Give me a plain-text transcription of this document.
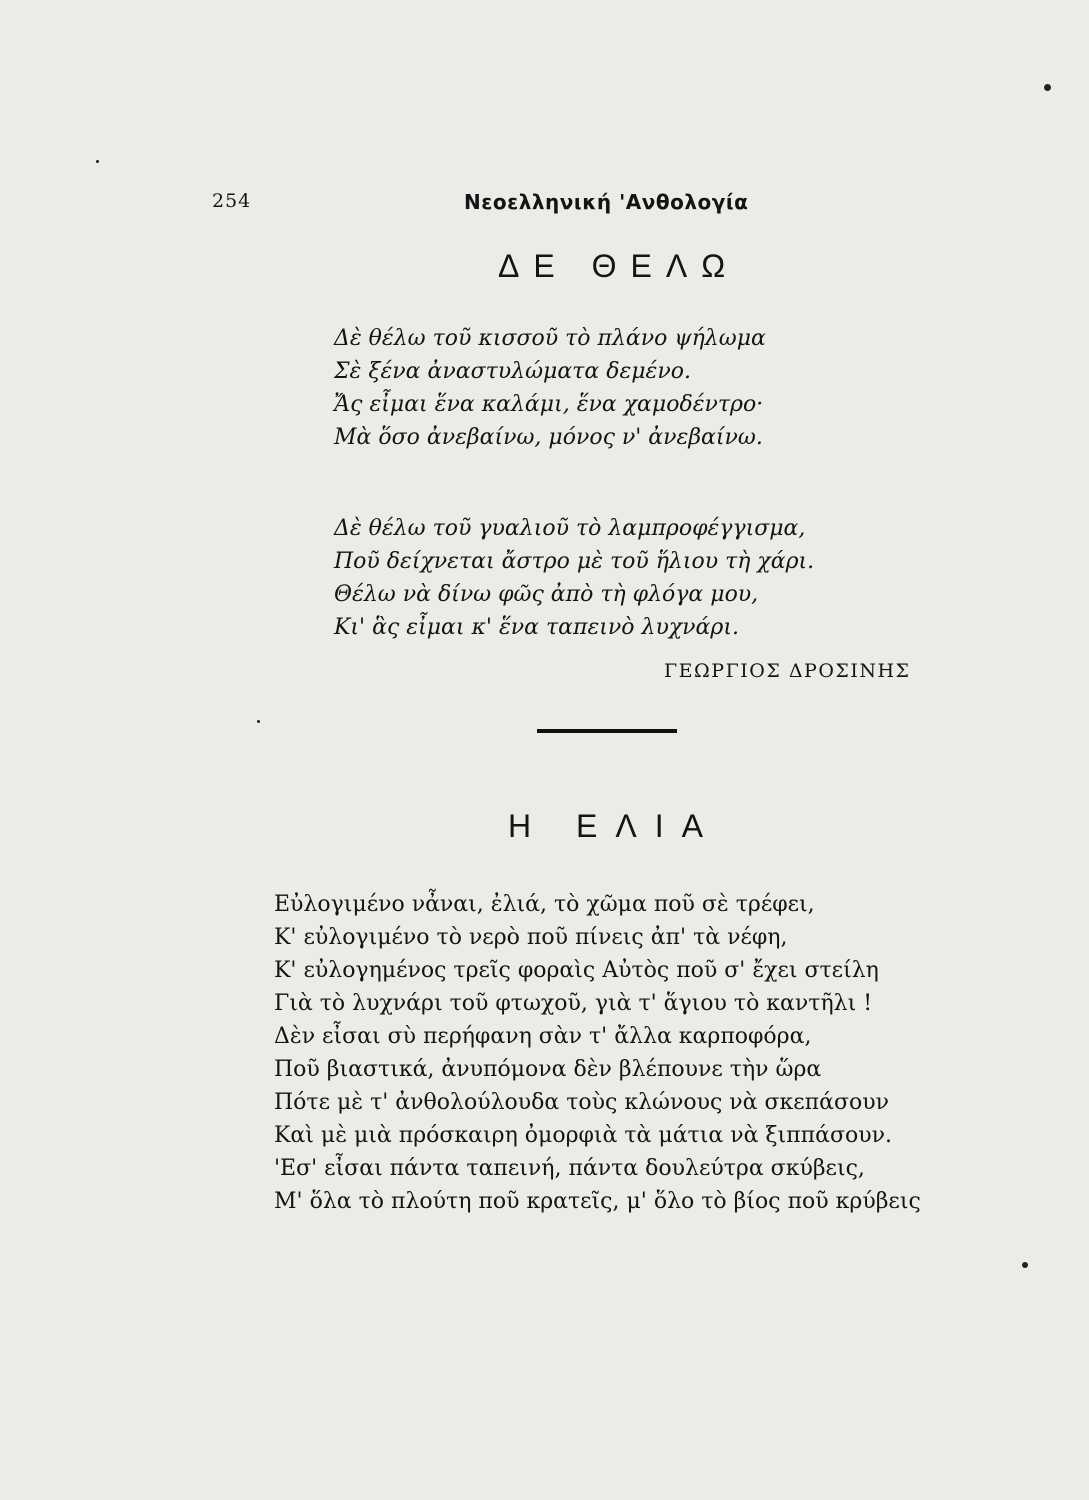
254	Νεοελληνική 'Ανθολογία
ΔΕ ΘΕΛΩ
Δὲ θέλω τοῦ κισσοῦ τὸ πλάνο ψήλωμα
Σὲ ξένα ἀναστυλώματα δεμένο.
Ἄς εἶμαι ἕνα καλάμι, ἕνα χαμοδέντρο·
Μὰ ὅσο ἀνεβαίνω, μόνος ν' ἀνεβαίνω.
Δὲ θέλω τοῦ γυαλιοῦ τὸ λαμπροφέγγισμα,
Ποῦ δείχνεται ἄστρο μὲ τοῦ ἥλιου τὴ χάρι.
Θέλω νὰ δίνω φῶς ἀπὸ τὴ φλόγα μου,
Κι' ἃς εἶμαι κ' ἕνα ταπεινὸ λυχνάρι.
ΓΕΩΡΓΙΟΣ ΔΡΟΣΙΝΗΣ
Η ΕΛΙΑ
Εὐλογιμένο νἆναι, ἐλιά, τὸ χῶμα ποῦ σὲ τρέφει,
Κ' εὐλογιμένο τὸ νερὸ ποῦ πίνεις ἀπ' τὰ νέφη,
Κ' εὐλογημένος τρεῖς φοραὶς Αὐτὸς ποῦ σ' ἔχει στείλη
Γιὰ τὸ λυχνάρι τοῦ φτωχοῦ, γιὰ τ' ἅγιου τὸ καντῆλι !
Δὲν εἶσαι σὺ περήφανη σὰν τ' ἄλλα καρποφόρα,
Ποῦ βιαστικά, ἀνυπόμονα δὲν βλέπουνε τὴν ὥρα
Πότε μὲ τ' ἀνθολούλουδα τοὺς κλώνους νὰ σκεπάσουν
Καὶ μὲ μιὰ πρόσκαιρη ὀμορφιὰ τὰ μάτια νὰ ξιππάσουν.
'Εσ' εἶσαι πάντα ταπεινή, πάντα δουλεύτρα σκύβεις,
Μ' ὅλα τὸ πλούτη ποῦ κρατεῖς, μ' ὅλο τὸ βίος ποῦ κρύβεις
